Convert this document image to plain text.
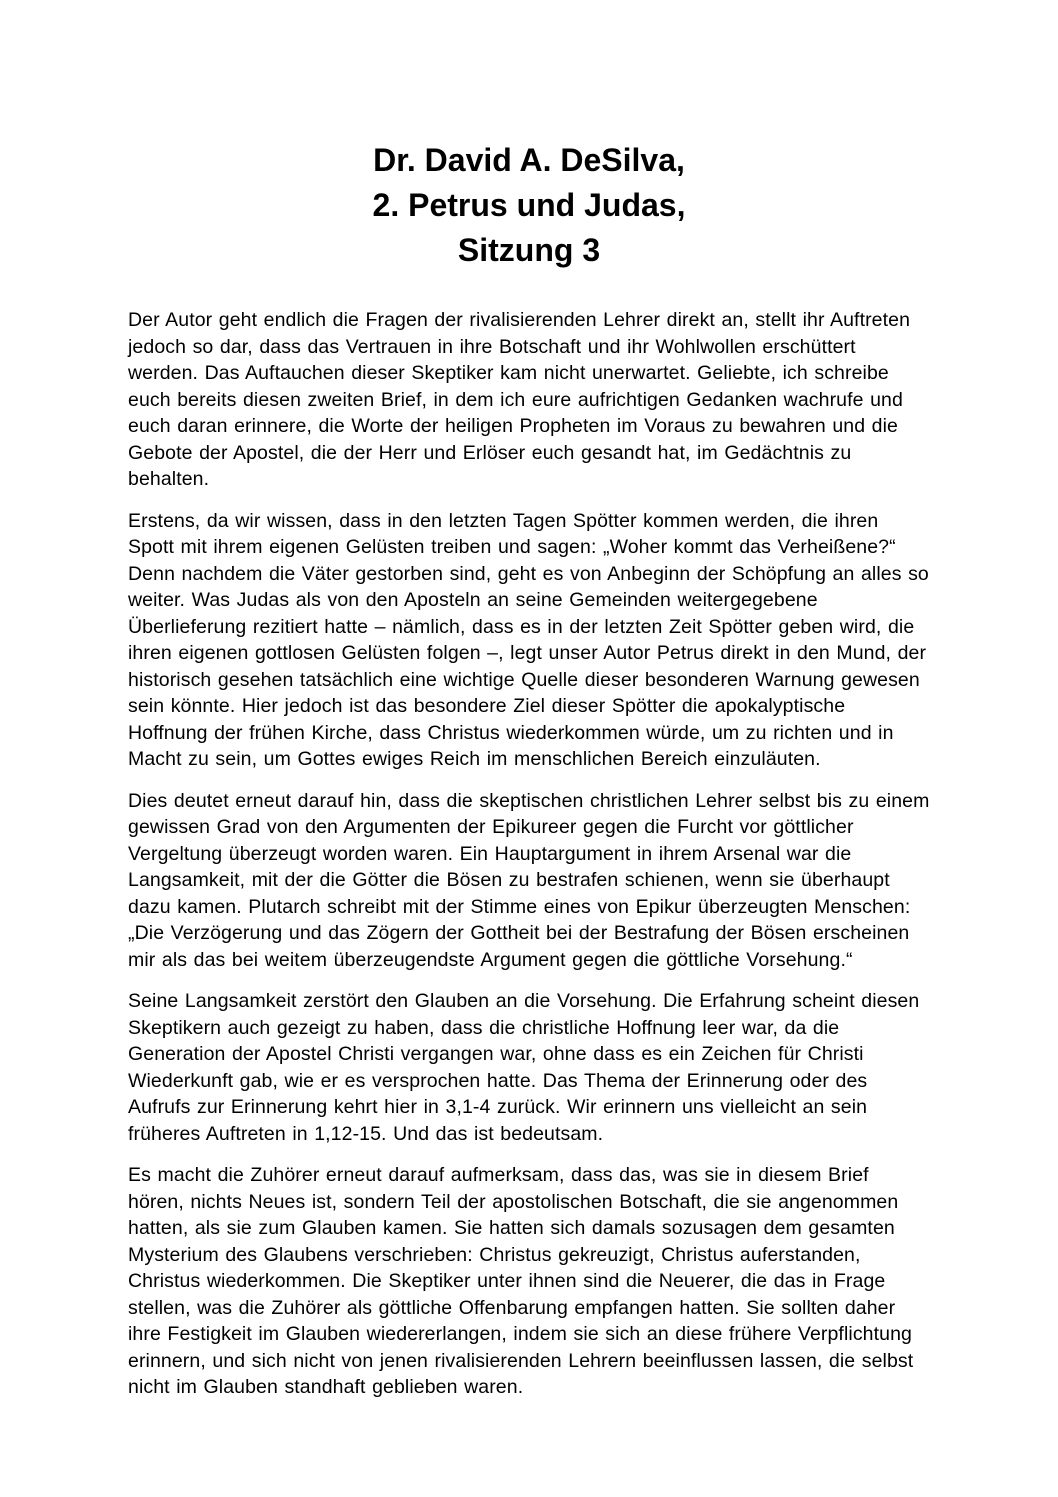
Dr. David A. DeSilva,
2. Petrus und Judas,
Sitzung 3

Der Autor geht endlich die Fragen der rivalisierenden Lehrer direkt an, stellt ihr Auftreten jedoch so dar, dass das Vertrauen in ihre Botschaft und ihr Wohlwollen erschüttert werden. Das Auftauchen dieser Skeptiker kam nicht unerwartet. Geliebte, ich schreibe euch bereits diesen zweiten Brief, in dem ich eure aufrichtigen Gedanken wachrufe und euch daran erinnere, die Worte der heiligen Propheten im Voraus zu bewahren und die Gebote der Apostel, die der Herr und Erlöser euch gesandt hat, im Gedächtnis zu behalten.

Erstens, da wir wissen, dass in den letzten Tagen Spötter kommen werden, die ihren Spott mit ihrem eigenen Gelüsten treiben und sagen: „Woher kommt das Verheißene?“ Denn nachdem die Väter gestorben sind, geht es von Anbeginn der Schöpfung an alles so weiter. Was Judas als von den Aposteln an seine Gemeinden weitergegebene Überlieferung rezitiert hatte – nämlich, dass es in der letzten Zeit Spötter geben wird, die ihren eigenen gottlosen Gelüsten folgen –, legt unser Autor Petrus direkt in den Mund, der historisch gesehen tatsächlich eine wichtige Quelle dieser besonderen Warnung gewesen sein könnte. Hier jedoch ist das besondere Ziel dieser Spötter die apokalyptische Hoffnung der frühen Kirche, dass Christus wiederkommen würde, um zu richten und in Macht zu sein, um Gottes ewiges Reich im menschlichen Bereich einzuläuten.

Dies deutet erneut darauf hin, dass die skeptischen christlichen Lehrer selbst bis zu einem gewissen Grad von den Argumenten der Epikureer gegen die Furcht vor göttlicher Vergeltung überzeugt worden waren. Ein Hauptargument in ihrem Arsenal war die Langsamkeit, mit der die Götter die Bösen zu bestrafen schienen, wenn sie überhaupt dazu kamen. Plutarch schreibt mit der Stimme eines von Epikur überzeugten Menschen: „Die Verzögerung und das Zögern der Gottheit bei der Bestrafung der Bösen erscheinen mir als das bei weitem überzeugendste Argument gegen die göttliche Vorsehung.“

Seine Langsamkeit zerstört den Glauben an die Vorsehung. Die Erfahrung scheint diesen Skeptikern auch gezeigt zu haben, dass die christliche Hoffnung leer war, da die Generation der Apostel Christi vergangen war, ohne dass es ein Zeichen für Christi Wiederkunft gab, wie er es versprochen hatte. Das Thema der Erinnerung oder des Aufrufs zur Erinnerung kehrt hier in 3,1-4 zurück. Wir erinnern uns vielleicht an sein früheres Auftreten in 1,12-15. Und das ist bedeutsam.

Es macht die Zuhörer erneut darauf aufmerksam, dass das, was sie in diesem Brief hören, nichts Neues ist, sondern Teil der apostolischen Botschaft, die sie angenommen hatten, als sie zum Glauben kamen. Sie hatten sich damals sozusagen dem gesamten Mysterium des Glaubens verschrieben: Christus gekreuzigt, Christus auferstanden, Christus wiederkommen. Die Skeptiker unter ihnen sind die Neuerer, die das in Frage stellen, was die Zuhörer als göttliche Offenbarung empfangen hatten. Sie sollten daher ihre Festigkeit im Glauben wiedererlangen, indem sie sich an diese frühere Verpflichtung erinnern, und sich nicht von jenen rivalisierenden Lehrern beeinflussen lassen, die selbst nicht im Glauben standhaft geblieben waren.
